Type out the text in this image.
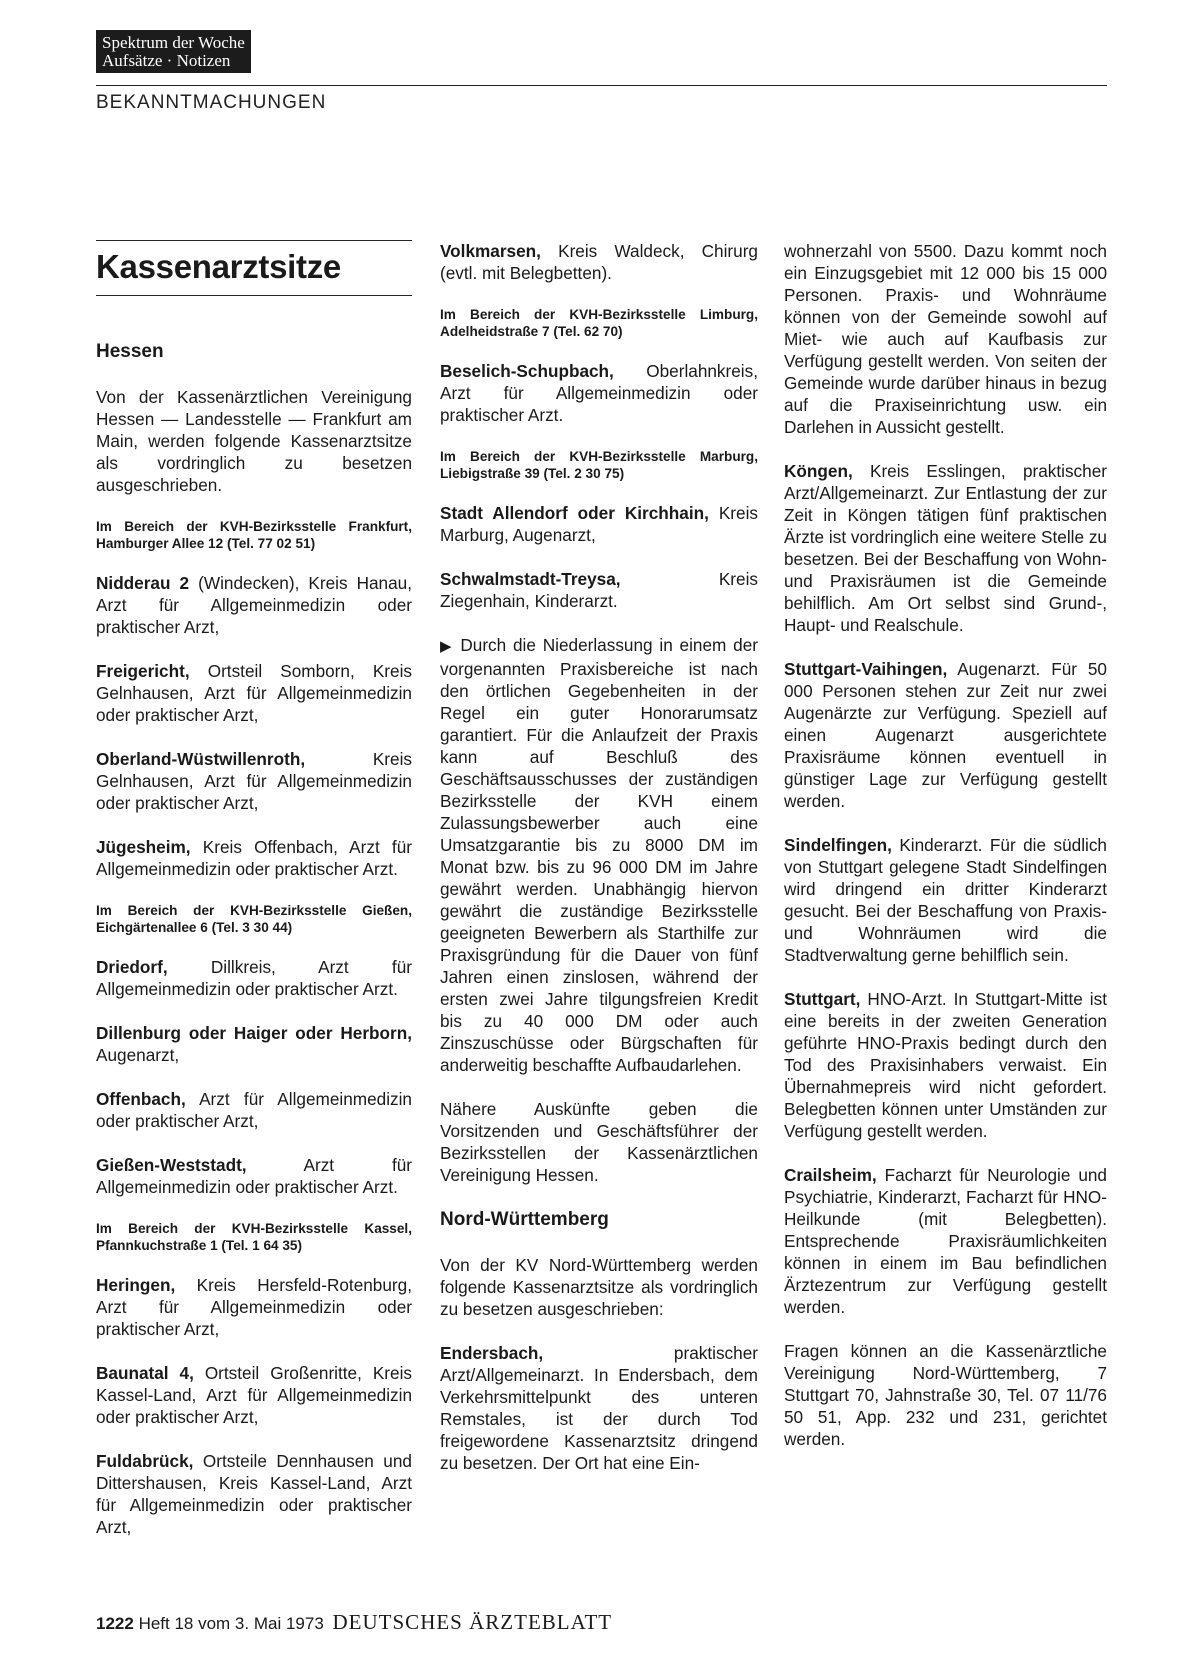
Spektrum der Woche
Aufsätze · Notizen
BEKANNTMACHUNGEN
Kassenarztsitze
Hessen

Von der Kassenärztlichen Vereinigung Hessen — Landesstelle — Frankfurt am Main, werden folgende Kassenarztsitze als vordringlich zu besetzen ausgeschrieben.

Im Bereich der KVH-Bezirksstelle Frankfurt, Hamburger Allee 12 (Tel. 77 02 51)

Nidderau 2 (Windecken), Kreis Hanau, Arzt für Allgemeinmedizin oder praktischer Arzt,

Freigericht, Ortsteil Somborn, Kreis Gelnhausen, Arzt für Allgemeinmedizin oder praktischer Arzt,

Oberland-Wüstwillenroth, Kreis Gelnhausen, Arzt für Allgemeinmedizin oder praktischer Arzt,

Jügesheim, Kreis Offenbach, Arzt für Allgemeinmedizin oder praktischer Arzt.

Im Bereich der KVH-Bezirksstelle Gießen, Eichgärtenallee 6 (Tel. 3 30 44)

Driedorf, Dillkreis, Arzt für Allgemeinmedizin oder praktischer Arzt.

Dillenburg oder Haiger oder Herborn, Augenarzt,

Offenbach, Arzt für Allgemeinmedizin oder praktischer Arzt,

Gießen-Weststadt, Arzt für Allgemeinmedizin oder praktischer Arzt.

Im Bereich der KVH-Bezirksstelle Kassel, Pfannkuchstraße 1 (Tel. 1 64 35)

Heringen, Kreis Hersfeld-Rotenburg, Arzt für Allgemeinmedizin oder praktischer Arzt,

Baunatal 4, Ortsteil Großenritte, Kreis Kassel-Land, Arzt für Allgemeinmedizin oder praktischer Arzt,

Fuldabrück, Ortsteile Dennhausen und Dittershausen, Kreis Kassel-Land, Arzt für Allgemeinmedizin oder praktischer Arzt,

Volkmarsen, Kreis Waldeck, Chirurg (evtl. mit Belegbetten).

Im Bereich der KVH-Bezirksstelle Limburg, Adelheidstraße 7 (Tel. 62 70)

Beselich-Schupbach, Oberlahnkreis, Arzt für Allgemeinmedizin oder praktischer Arzt.

Im Bereich der KVH-Bezirksstelle Marburg, Liebigstraße 39 (Tel. 2 30 75)

Stadt Allendorf oder Kirchhain, Kreis Marburg, Augenarzt,

Schwalmstadt-Treysa, Kreis Ziegenhain, Kinderarzt.

▶ Durch die Niederlassung in einem der vorgenannten Praxisbereiche ist nach den örtlichen Gegebenheiten in der Regel ein guter Honorarumsatz garantiert. Für die Anlaufzeit der Praxis kann auf Beschluß des Geschäftsausschusses der zuständigen Bezirksstelle der KVH einem Zulassungsbewerber auch eine Umsatzgarantie bis zu 8000 DM im Monat bzw. bis zu 96 000 DM im Jahre gewährt werden. Unabhängig hiervon gewährt die zuständige Bezirksstelle geeigneten Bewerbern als Starthilfe zur Praxisgründung für die Dauer von fünf Jahren einen zinslosen, während der ersten zwei Jahre tilgungsfreien Kredit bis zu 40 000 DM oder auch Zinszuschüsse oder Bürgschaften für anderweitig beschaffte Aufbaudarlehen.

Nähere Auskünfte geben die Vorsitzenden und Geschäftsführer der Bezirksstellen der Kassenärztlichen Vereinigung Hessen.

Nord-Württemberg

Von der KV Nord-Württemberg werden folgende Kassenarztsitze als vordringlich zu besetzen ausgeschrieben:

Endersbach, praktischer Arzt/Allgemeinarzt. In Endersbach, dem Verkehrsmittelpunkt des unteren Remstales, ist der durch Tod freigewordene Kassenarztsitz dringend zu besetzen. Der Ort hat eine Ein-

wohnerzahl von 5500. Dazu kommt noch ein Einzugsgebiet mit 12 000 bis 15 000 Personen. Praxis- und Wohnräume können von der Gemeinde sowohl auf Miet- wie auch auf Kaufbasis zur Verfügung gestellt werden. Von seiten der Gemeinde wurde darüber hinaus in bezug auf die Praxiseinrichtung usw. ein Darlehen in Aussicht gestellt.

Köngen, Kreis Esslingen, praktischer Arzt/Allgemeinarzt. Zur Entlastung der zur Zeit in Köngen tätigen fünf praktischen Ärzte ist vordringlich eine weitere Stelle zu besetzen. Bei der Beschaffung von Wohn- und Praxisräumen ist die Gemeinde behilflich. Am Ort selbst sind Grund-, Haupt- und Realschule.

Stuttgart-Vaihingen, Augenarzt. Für 50 000 Personen stehen zur Zeit nur zwei Augenärzte zur Verfügung. Speziell auf einen Augenarzt ausgerichtete Praxisräume können eventuell in günstiger Lage zur Verfügung gestellt werden.

Sindelfingen, Kinderarzt. Für die südlich von Stuttgart gelegene Stadt Sindelfingen wird dringend ein dritter Kinderarzt gesucht. Bei der Beschaffung von Praxis- und Wohnräumen wird die Stadtverwaltung gerne behilflich sein.

Stuttgart, HNO-Arzt. In Stuttgart-Mitte ist eine bereits in der zweiten Generation geführte HNO-Praxis bedingt durch den Tod des Praxisinhabers verwaist. Ein Übernahmepreis wird nicht gefordert. Belegbetten können unter Umständen zur Verfügung gestellt werden.

Crailsheim, Facharzt für Neurologie und Psychiatrie, Kinderarzt, Facharzt für HNO-Heilkunde (mit Belegbetten). Entsprechende Praxisräumlichkeiten können in einem im Bau befindlichen Ärztezentrum zur Verfügung gestellt werden.

Fragen können an die Kassenärztliche Vereinigung Nord-Württemberg, 7 Stuttgart 70, Jahnstraße 30, Tel. 07 11/76 50 51, App. 232 und 231, gerichtet werden.

1222 Heft 18 vom 3. Mai 1973 DEUTSCHES ÄRZTEBLATT
